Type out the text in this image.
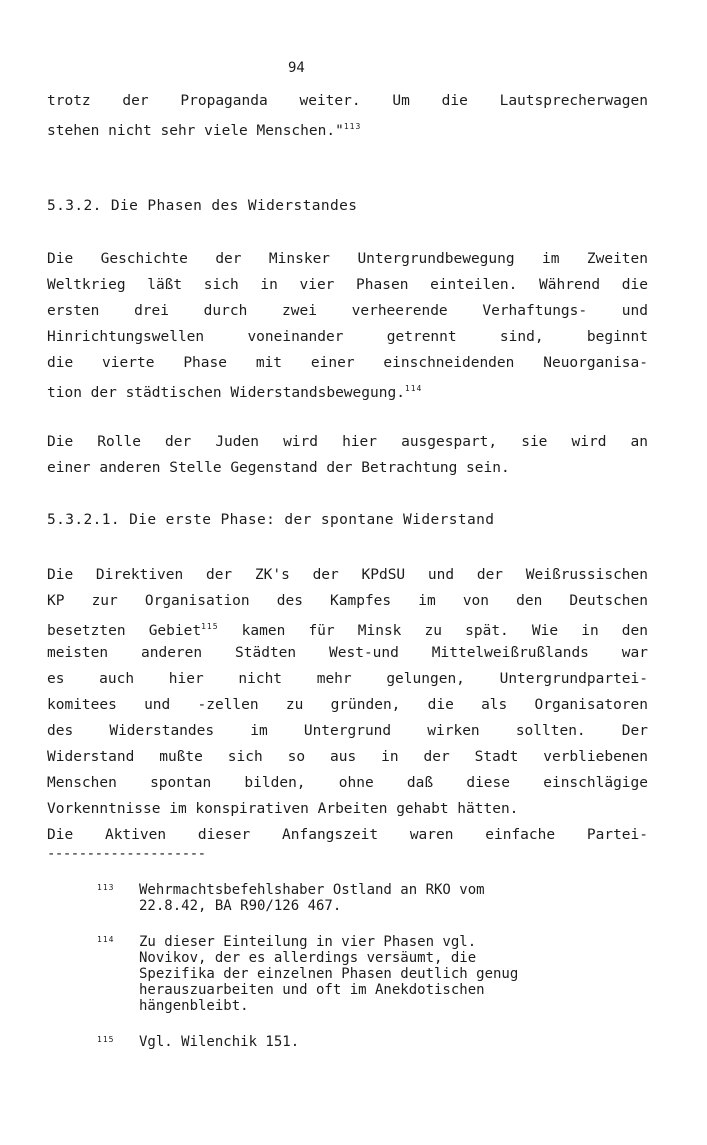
94
trotz der Propaganda weiter. Um die Lautsprecherwagen
stehen nicht sehr viele Menschen."$^{113}$
5.3.2. Die Phasen des Widerstandes
Die Geschichte der Minsker Untergrundbewegung im Zweiten
Weltkrieg läßt sich in vier Phasen einteilen. Während die
ersten drei durch zwei verheerende Verhaftungs- und
Hinrichtungswellen voneinander getrennt sind, beginnt
die vierte Phase mit einer einschneidenden Neuorganisa-
tion der städtischen Widerstandsbewegung.$^{114}$
Die Rolle der Juden wird hier ausgespart, sie wird an
einer anderen Stelle Gegenstand der Betrachtung sein.
5.3.2.1. Die erste Phase: der spontane Widerstand
Die Direktiven der ZK's der KPdSU und der Weißrussischen
KP zur Organisation des Kampfes im von den Deutschen
besetzten Gebiet$^{115}$ kamen für Minsk zu spät. Wie in den
meisten anderen Städten West-und Mittelweißrußlands war
es auch hier nicht mehr gelungen, Untergrundpartei-
komitees und -zellen zu gründen, die als Organisatoren
des Widerstandes im Untergrund wirken sollten. Der
Widerstand mußte sich so aus in der Stadt verbliebenen
Menschen spontan bilden, ohne daß diese einschlägige
Vorkenntnisse im konspirativen Arbeiten gehabt hätten.
Die Aktiven dieser Anfangszeit waren einfache Partei-
--------------------
113 Wehrmachtsbefehlshaber Ostland an RKO vom
22.8.42, BA R90/126 467.
114 Zu dieser Einteilung in vier Phasen vgl.
Novikov, der es allerdings versäumt, die
Spezifika der einzelnen Phasen deutlich genug
herauszuarbeiten und oft im Anekdotischen
hängenbleibt.
115 Vgl. Wilenchik 151.
